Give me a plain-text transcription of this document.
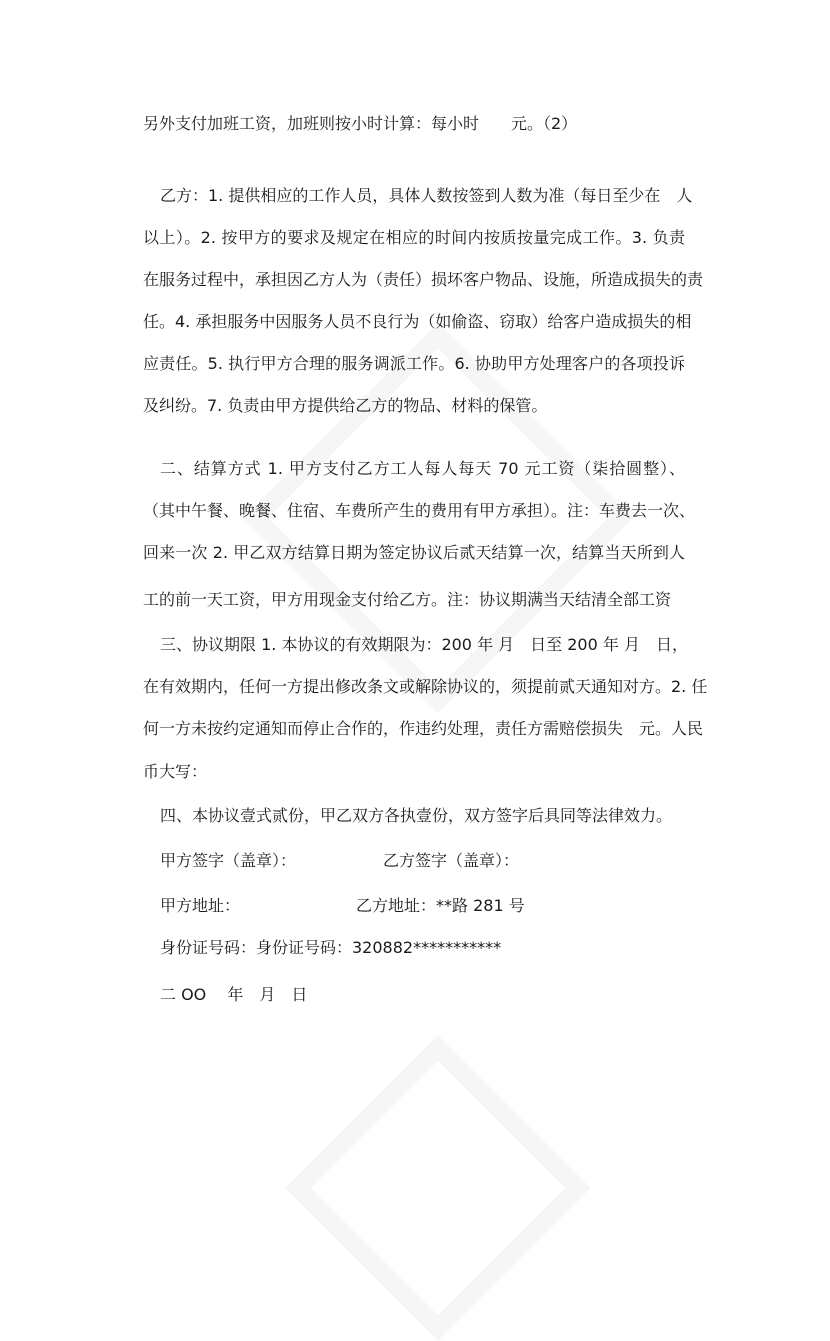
另外支付加班工资，加班则按小时计算：每小时　　元。（2）
乙方：1. 提供相应的工作人员，具体人数按签到人数为准（每日至少在　人
以上）。2. 按甲方的要求及规定在相应的时间内按质按量完成工作。3. 负责
在服务过程中，承担因乙方人为（责任）损坏客户物品、设施，所造成损失的责
任。4. 承担服务中因服务人员不良行为（如偷盗、窃取）给客户造成损失的相
应责任。5. 执行甲方合理的服务调派工作。6. 协助甲方处理客户的各项投诉
及纠纷。7. 负责由甲方提供给乙方的物品、材料的保管。
二、结算方式 1. 甲方支付乙方工人每人每天 70 元工资（柒拾圆整）、
（其中午餐、晚餐、住宿、车费所产生的费用有甲方承担）。注：车费去一次、
回来一次 2. 甲乙双方结算日期为签定协议后贰天结算一次，结算当天所到人
工的前一天工资，甲方用现金支付给乙方。注：协议期满当天结清全部工资
三、协议期限 1. 本协议的有效期限为：200 年 月　日至 200 年 月　日，
在有效期内，任何一方提出修改条文或解除协议的，须提前贰天通知对方。2. 任
何一方未按约定通知而停止合作的，作违约处理，责任方需赔偿损失　元。人民
币大写：
四、本协议壹式贰份，甲乙双方各执壹份，双方签字后具同等法律效力。
甲方签字（盖章）：	乙方签字（盖章）：
甲方地址：	乙方地址：**路 281 号
身份证号码：身份证号码：320882***********
二 OO　 年　月　日
